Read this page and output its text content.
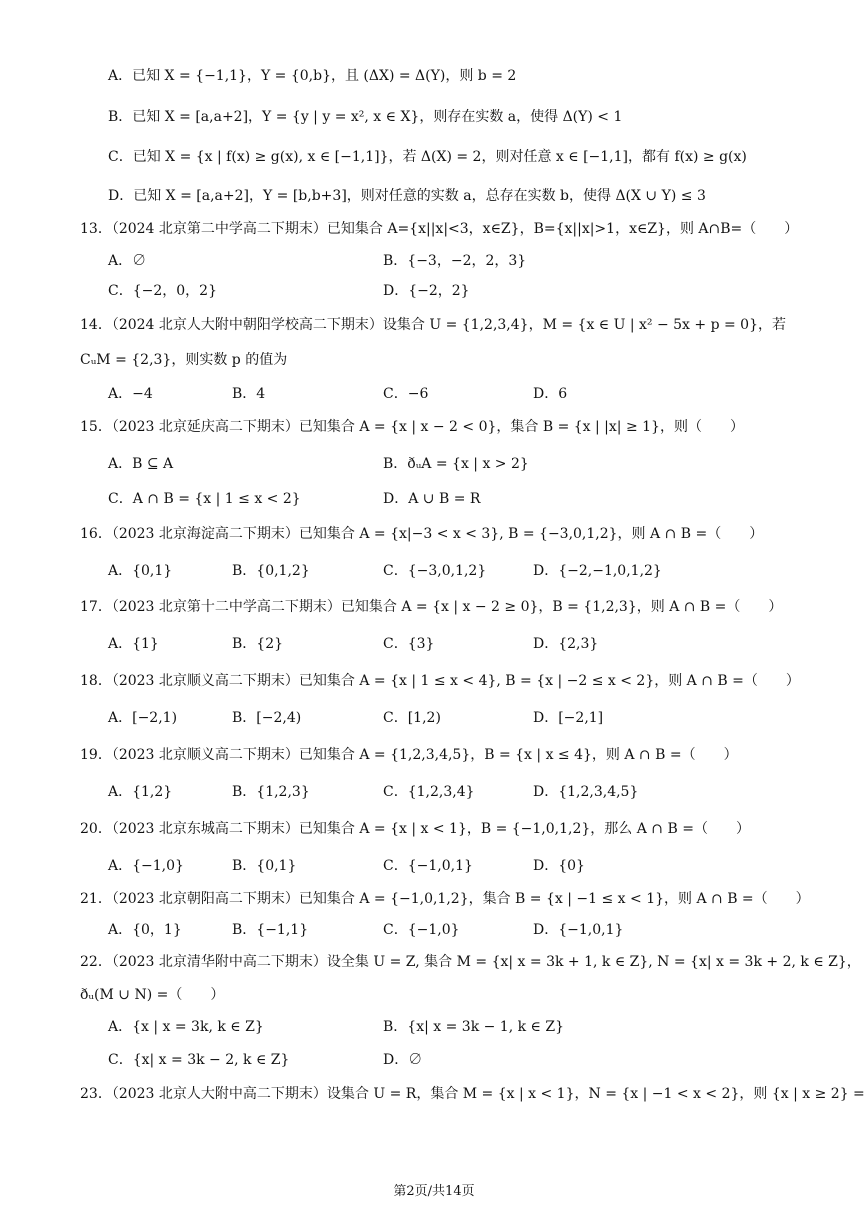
A．已知 X = {−1,1}，Y = {0,b}，且 (ΔX) = Δ(Y)，则 b = 2
B．已知 X = [a,a+2]，Y = {y | y = x², x ∈ X}，则存在实数 a，使得 Δ(Y) < 1
C．已知 X = {x | f(x) ≥ g(x), x ∈ [−1,1]}，若 Δ(X) = 2，则对任意 x ∈ [−1,1]，都有 f(x) ≥ g(x)
D．已知 X = [a,a+2]，Y = [b,b+3]，则对任意的实数 a，总存在实数 b，使得 Δ(X ∪ Y) ≤ 3
13．（2024 北京第二中学高二下期末）已知集合 A={x||x|<3，x∈Z}，B={x||x|>1，x∈Z}，则 A∩B=（　　）
A．∅	B．{−3，−2，2，3}
C．{−2，0，2}	D．{−2，2}
14．（2024 北京人大附中朝阳学校高二下期末）设集合 U = {1,2,3,4}，M = {x ∈ U | x² − 5x + p = 0}，若
CᵤM = {2,3}，则实数 p 的值为
A．−4	B．4	C．−6	D．6
15．（2023 北京延庆高二下期末）已知集合 A = {x | x − 2 < 0}，集合 B = {x | |x| ≥ 1}，则（　　）
A．B ⊆ A	B．ðᵤA = {x | x > 2}
C．A ∩ B = {x | 1 ≤ x < 2}	D．A ∪ B = R
16．（2023 北京海淀高二下期末）已知集合 A = {x|−3 < x < 3}, B = {−3,0,1,2}，则 A ∩ B =（　　）
A．{0,1}	B．{0,1,2}	C．{−3,0,1,2}	D．{−2,−1,0,1,2}
17．（2023 北京第十二中学高二下期末）已知集合 A = {x | x − 2 ≥ 0}，B = {1,2,3}，则 A ∩ B =（　　）
A．{1}	B．{2}	C．{3}	D．{2,3}
18．（2023 北京顺义高二下期末）已知集合 A = {x | 1 ≤ x < 4}, B = {x | −2 ≤ x < 2}，则 A ∩ B =（　　）
A．[−2,1)	B．[−2,4)	C．[1,2)	D．[−2,1]
19．（2023 北京顺义高二下期末）已知集合 A = {1,2,3,4,5}，B = {x | x ≤ 4}，则 A ∩ B =（　　）
A．{1,2}	B．{1,2,3}	C．{1,2,3,4}	D．{1,2,3,4,5}
20．（2023 北京东城高二下期末）已知集合 A = {x | x < 1}，B = {−1,0,1,2}，那么 A ∩ B =（　　）
A．{−1,0}	B．{0,1}	C．{−1,0,1}	D．{0}
21．（2023 北京朝阳高二下期末）已知集合 A = {−1,0,1,2}，集合 B = {x | −1 ≤ x < 1}，则 A ∩ B =（　　）
A．{0，1}	B．{−1,1}	C．{−1,0}	D．{−1,0,1}
22．（2023 北京清华附中高二下期末）设全集 U = Z, 集合 M = {x| x = 3k + 1, k ∈ Z}, N = {x| x = 3k + 2, k ∈ Z}，
ðᵤ(M ∪ N) =（　　）
A．{x | x = 3k, k ∈ Z}	B．{x| x = 3k − 1, k ∈ Z}
C．{x| x = 3k − 2, k ∈ Z}	D．∅
23．（2023 北京人大附中高二下期末）设集合 U = R，集合 M = {x | x < 1}，N = {x | −1 < x < 2}，则 {x | x ≥ 2} =
第2页/共14页
